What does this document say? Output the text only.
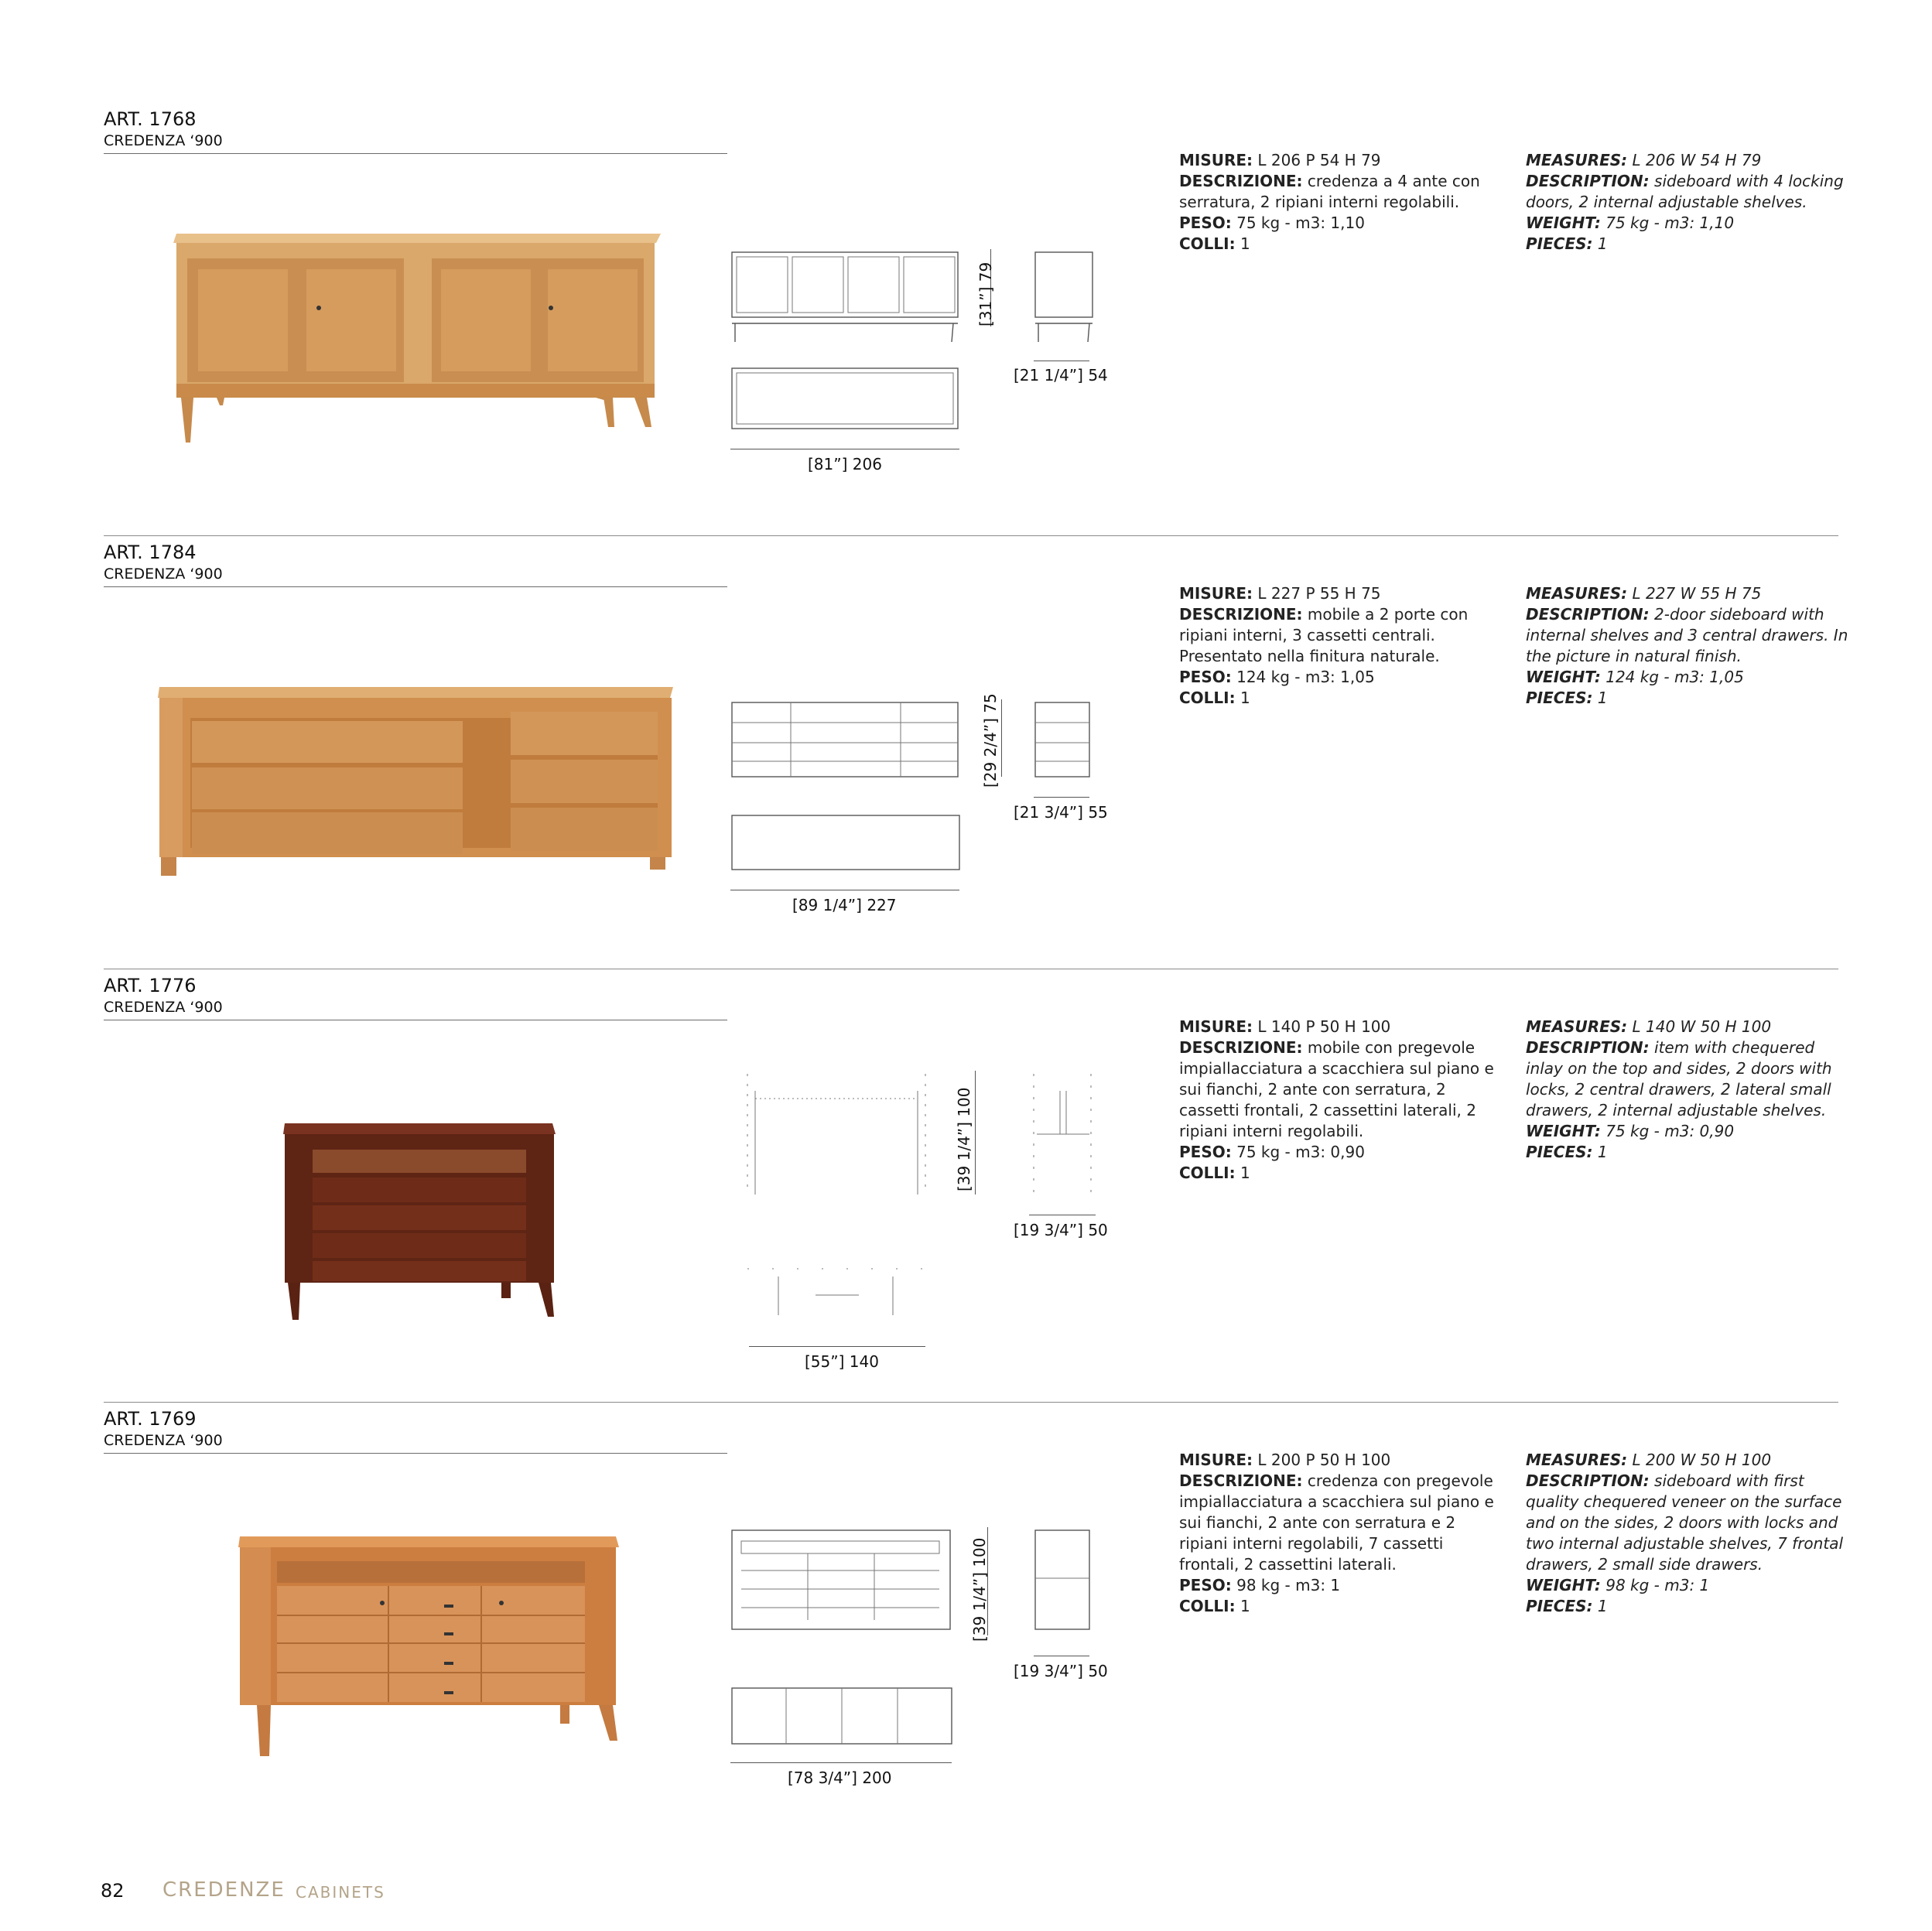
ART. 1768
CREDENZA ‘900
[31”] 79
[21 1/4”] 54
[81”] 206
MISURE: L 206 P 54 H 79
DESCRIZIONE: credenza a 4 ante con serratura, 2 ripiani interni regolabili.
PESO: 75 kg - m3: 1,10
COLLI: 1
MEASURES: L 206 W 54 H 79
DESCRIPTION: sideboard with 4 locking doors, 2 internal adjustable shelves.
WEIGHT: 75 kg - m3: 1,10
PIECES: 1
ART. 1784
CREDENZA ‘900
[29 2/4”] 75
[21 3/4”] 55
[89 1/4”] 227
MISURE: L 227 P 55 H 75
DESCRIZIONE: mobile a 2 porte con ripiani interni, 3 cassetti centrali. Presentato nella finitura naturale.
PESO: 124 kg - m3: 1,05
COLLI: 1
MEASURES: L 227 W 55 H 75
DESCRIPTION: 2-door sideboard with internal shelves and 3 central drawers. In the picture in natural finish.
WEIGHT: 124 kg - m3: 1,05
PIECES: 1
ART. 1776
CREDENZA ‘900
[39 1/4”] 100
[19 3/4”] 50
[55”] 140
MISURE: L 140 P 50 H 100
DESCRIZIONE: mobile con pregevole impiallacciatura a scacchiera sul piano e sui fianchi, 2 ante con serratura, 2 cassetti frontali, 2 cassettini laterali, 2 ripiani interni regolabili.
PESO: 75 kg - m3: 0,90
COLLI: 1
MEASURES: L 140 W 50 H 100
DESCRIPTION: item with chequered inlay on the top and sides, 2 doors with locks, 2 central drawers, 2 lateral small drawers, 2 internal adjustable shelves.
WEIGHT: 75 kg - m3: 0,90
PIECES: 1
ART. 1769
CREDENZA ‘900
[39 1/4”] 100
[19 3/4”] 50
[78 3/4”] 200
MISURE: L 200 P 50 H 100
DESCRIZIONE: credenza con pregevole impiallacciatura a scacchiera sul piano e sui fianchi, 2 ante con serratura e 2 ripiani interni regolabili, 7 cassetti frontali, 2 cassettini laterali.
PESO: 98 kg - m3: 1
COLLI: 1
MEASURES: L 200 W 50 H 100
DESCRIPTION: sideboard with first quality chequered veneer on the surface and on the sides, 2 doors with locks and two internal adjustable shelves, 7 frontal drawers, 2 small side drawers.
WEIGHT: 98 kg - m3: 1
PIECES: 1
82 CREDENZE CABINETS
